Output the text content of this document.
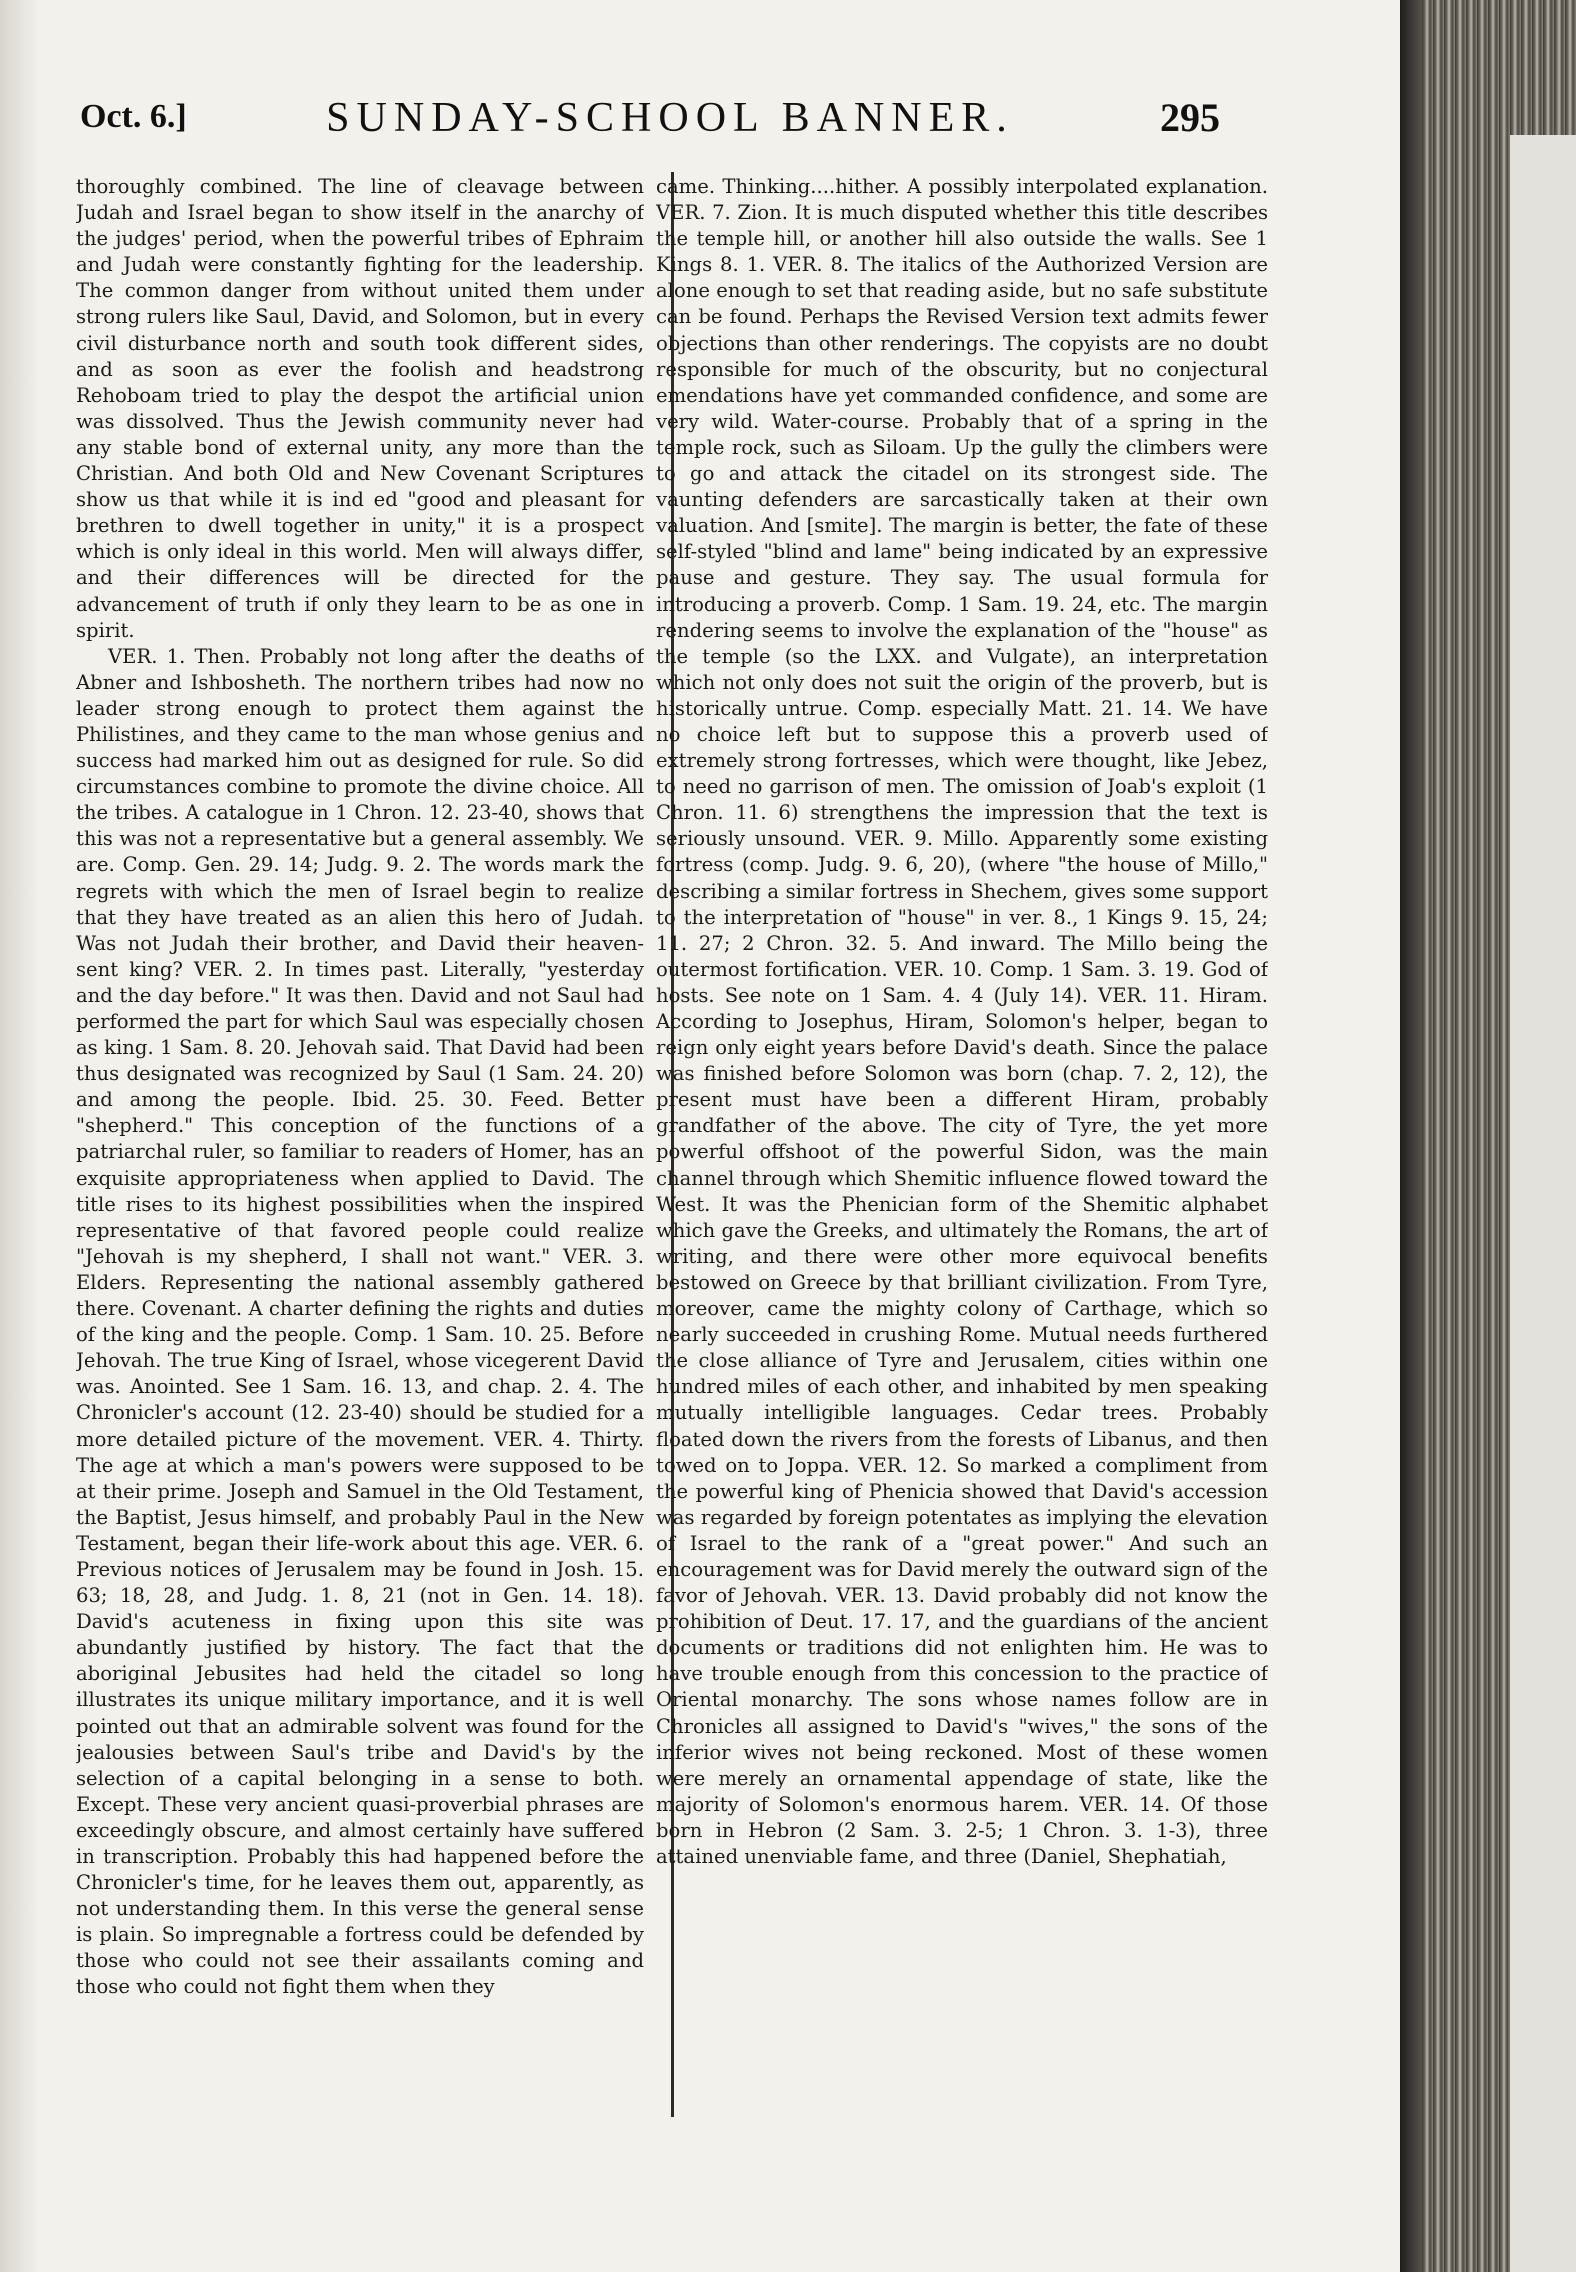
Oct. 6.]	SUNDAY-SCHOOL BANNER.	295

thoroughly combined. The line of cleavage between Judah and Israel began to show itself in the anarchy of the judges' period, when the powerful tribes of Ephraim and Judah were constantly fighting for the leadership. The common danger from without united them under strong rulers like Saul, David, and Solomon, but in every civil disturbance north and south took different sides, and as soon as ever the foolish and headstrong Rehoboam tried to play the despot the artificial union was dissolved. Thus the Jewish community never had any stable bond of external unity, any more than the Christian. And both Old and New Covenant Scriptures show us that while it is ind ed "good and pleasant for brethren to dwell together in unity," it is a prospect which is only ideal in this world. Men will always differ, and their differences will be directed for the advancement of truth if only they learn to be as one in spirit.

VER. 1. Then. Probably not long after the deaths of Abner and Ishbosheth. The northern tribes had now no leader strong enough to protect them against the Philistines, and they came to the man whose genius and success had marked him out as designed for rule. So did circumstances combine to promote the divine choice. All the tribes. A catalogue in 1 Chron. 12. 23-40, shows that this was not a representative but a general assembly. We are. Comp. Gen. 29. 14; Judg. 9. 2. The words mark the regrets with which the men of Israel begin to realize that they have treated as an alien this hero of Judah. Was not Judah their brother, and David their heaven-sent king? VER. 2. In times past. Literally, "yesterday and the day before." It was then. David and not Saul had performed the part for which Saul was especially chosen as king. 1 Sam. 8. 20. Jehovah said. That David had been thus designated was recognized by Saul (1 Sam. 24. 20) and among the people. Ibid. 25. 30. Feed. Better "shepherd." This conception of the functions of a patriarchal ruler, so familiar to readers of Homer, has an exquisite appropriateness when applied to David. The title rises to its highest possibilities when the inspired representative of that favored people could realize "Jehovah is my shepherd, I shall not want." VER. 3. Elders. Representing the national assembly gathered there. Covenant. A charter defining the rights and duties of the king and the people. Comp. 1 Sam. 10. 25. Before Jehovah. The true King of Israel, whose vicegerent David was. Anointed. See 1 Sam. 16. 13, and chap. 2. 4. The Chronicler's account (12. 23-40) should be studied for a more detailed picture of the movement. VER. 4. Thirty. The age at which a man's powers were supposed to be at their prime. Joseph and Samuel in the Old Testament, the Baptist, Jesus himself, and probably Paul in the New Testament, began their life-work about this age. VER. 6. Previous notices of Jerusalem may be found in Josh. 15. 63; 18, 28, and Judg. 1. 8, 21 (not in Gen. 14. 18). David's acuteness in fixing upon this site was abundantly justified by history. The fact that the aboriginal Jebusites had held the citadel so long illustrates its unique military importance, and it is well pointed out that an admirable solvent was found for the jealousies between Saul's tribe and David's by the selection of a capital belonging in a sense to both. Except. These very ancient quasi-proverbial phrases are exceedingly obscure, and almost certainly have suffered in transcription. Probably this had happened before the Chronicler's time, for he leaves them out, apparently, as not understanding them. In this verse the general sense is plain. So impregnable a fortress could be defended by those who could not see their assailants coming and those who could not fight them when they

came. Thinking....hither. A possibly interpolated explanation. VER. 7. Zion. It is much disputed whether this title describes the temple hill, or another hill also outside the walls. See 1 Kings 8. 1. VER. 8. The italics of the Authorized Version are alone enough to set that reading aside, but no safe substitute can be found. Perhaps the Revised Version text admits fewer objections than other renderings. The copyists are no doubt responsible for much of the obscurity, but no conjectural emendations have yet commanded confidence, and some are very wild. Water-course. Probably that of a spring in the temple rock, such as Siloam. Up the gully the climbers were to go and attack the citadel on its strongest side. The vaunting defenders are sarcastically taken at their own valuation. And [smite]. The margin is better, the fate of these self-styled "blind and lame" being indicated by an expressive pause and gesture. They say. The usual formula for introducing a proverb. Comp. 1 Sam. 19. 24, etc. The margin rendering seems to involve the explanation of the "house" as the temple (so the LXX. and Vulgate), an interpretation which not only does not suit the origin of the proverb, but is historically untrue. Comp. especially Matt. 21. 14. We have no choice left but to suppose this a proverb used of extremely strong fortresses, which were thought, like Jebez, to need no garrison of men. The omission of Joab's exploit (1 Chron. 11. 6) strengthens the impression that the text is seriously unsound. VER. 9. Millo. Apparently some existing fortress (comp. Judg. 9. 6, 20), (where "the house of Millo," describing a similar fortress in Shechem, gives some support to the interpretation of "house" in ver. 8., 1 Kings 9. 15, 24; 11. 27; 2 Chron. 32. 5. And inward. The Millo being the outermost fortification. VER. 10. Comp. 1 Sam. 3. 19. God of hosts. See note on 1 Sam. 4. 4 (July 14). VER. 11. Hiram. According to Josephus, Hiram, Solomon's helper, began to reign only eight years before David's death. Since the palace was finished before Solomon was born (chap. 7. 2, 12), the present must have been a different Hiram, probably grandfather of the above. The city of Tyre, the yet more powerful offshoot of the powerful Sidon, was the main channel through which Shemitic influence flowed toward the West. It was the Phenician form of the Shemitic alphabet which gave the Greeks, and ultimately the Romans, the art of writing, and there were other more equivocal benefits bestowed on Greece by that brilliant civilization. From Tyre, moreover, came the mighty colony of Carthage, which so nearly succeeded in crushing Rome. Mutual needs furthered the close alliance of Tyre and Jerusalem, cities within one hundred miles of each other, and inhabited by men speaking mutually intelligible languages. Cedar trees. Probably floated down the rivers from the forests of Libanus, and then towed on to Joppa. VER. 12. So marked a compliment from the powerful king of Phenicia showed that David's accession was regarded by foreign potentates as implying the elevation of Israel to the rank of a "great power." And such an encouragement was for David merely the outward sign of the favor of Jehovah. VER. 13. David probably did not know the prohibition of Deut. 17. 17, and the guardians of the ancient documents or traditions did not enlighten him. He was to have trouble enough from this concession to the practice of Oriental monarchy. The sons whose names follow are in Chronicles all assigned to David's "wives," the sons of the inferior wives not being reckoned. Most of these women were merely an ornamental appendage of state, like the majority of Solomon's enormous harem. VER. 14. Of those born in Hebron (2 Sam. 3. 2-5; 1 Chron. 3. 1-3), three attained unenviable fame, and three (Daniel, Shephatiah,
